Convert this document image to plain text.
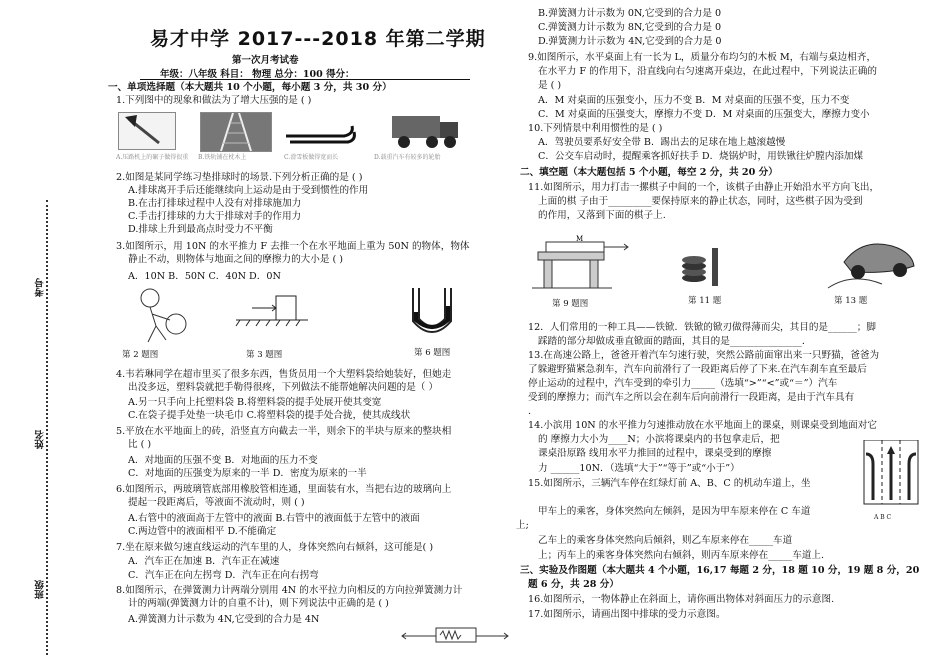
考号
姓名
班级
易才中学 2017---2018 年第二学期
第一次月考试卷
年级：八年级 科目： 物理 总分：100 得分：
一、单项选择题（本大题共 10 个小题，每小题 3 分，共 30 分）
1.下列图中的现象和做法为了增大压强的是 ( )
A.压路机上的碾子做得很重 B.铁轨铺在枕木上	C.滑雪板做得宽而长	D.载重汽车有较多的轮胎
2.如图是某同学练习垫排球时的场景.下列分析正确的是 ( )
A.排球离开手后还能继续向上运动是由于受到惯性的作用
B.在击打排球过程中人没有对排球施加力
C.手击打排球的力大于排球对手的作用力
D.排球上升到最高点时受力不平衡
3.如图所示，用 10N 的水平推力 F 去推一个在水平地面上重为 50N 的物体，物体
静止不动，则物体与地面之间的摩擦力的大小是 ( )
A．10N B．50N C．40N D．0N
第 2 题图	第 3 题图	第 6 题图
4.韦若琳同学在超市里买了很多东西，售货员用一个大塑料袋给她装好，但她走
出没多远，塑料袋就把手勒得很疼，下列做法不能帮她解决问题的是（ ）
A.另一只手向上托塑料袋 B.将塑料袋的提手处展开使其变宽
C.在袋子提手处垫一块毛巾 C.将塑料袋的提手处合拢，使其成线状
5.平放在水平地面上的砖，沿竖直方向截去一半，则余下的半块与原来的整块相
比 ( )
A．对地面的压强不变 B．对地面的压力不变
C．对地面的压强变为原来的一半 D．密度为原来的一半
6.如图所示，两玻璃管底部用橡胶管相连通，里面装有水，当把右边的玻璃向上
提起一段距离后，等液面不流动时，则 ( )
A.右管中的液面高于左管中的液面 B.右管中的液面低于左管中的液面
C.两边管中的液面相平 D.不能确定
7.坐在原来做匀速直线运动的汽车里的人，身体突然向右倾斜，这可能是( )
A．汽车正在加速 B．汽车正在减速
C．汽车正在向左拐弯 D．汽车正在向右拐弯
8.如图所示，在弹簧测力计两端分别用 4N 的水平拉力向相反的方向拉弹簧测力计
计的两端(弹簧测力计的自重不计)，则下列说法中正确的是 ( )
A.弹簧测力计示数为 4N,它受到的合力是 4N
B.弹簧测力计示数为 0N,它受到的合力是 0
C.弹簧测力计示数为 8N,它受到的合力是 0
D.弹簧测力计示数为 4N,它受到的合力是 0
9.如图所示，水平桌面上有一长为 L，质量分布均匀的木板 M，右端与桌边相齐，
在水平力 F 的作用下，沿直线向右匀速离开桌边，在此过程中，下列说法正确的
是 ( )
A．M 对桌面的压强变小，压力不变 B．M 对桌面的压强不变，压力不变
C．M 对桌面的压强变大，摩擦力不变 D．M 对桌面的压强变大，摩擦力变小
10.下列情景中利用惯性的是 ( )
A．驾驶员要系好安全带 B．踢出去的足球在地上越滚越慢
C．公交车启动时，提醒乘客抓好扶手 D．烧锅炉时，用铁锹往炉膛内添加煤
二、填空题（本大题包括 5 个小题，每空 2 分，共 20 分）
11.如图所示，用力打击一摞棋子中间的一个，该棋子由静止开始沿水平方向飞出，
上面的棋 子由于_________要保持原来的静止状态，同时，这些棋子因为受到
的作用，又落到下面的棋子上.
M
第 9 题图	第 11 题	第 13 题
12．人们常用的一种工具——铁锨．铁锨的锨刃做得薄而尖，其目的是______；脚
踩踏的部分却做成垂直锨面的踏面，其目的是_______________．
13.在高速公路上，爸爸开着汽车匀速行驶，突然公路前面窜出来一只野猫，爸爸为
了躲避野猫紧急刹车，汽车向前滑行了一段距离后停了下来.在汽车刹车直至最后
停止运动的过程中，汽车受到的牵引力_____（选填“>”“<”或“＝”）汽车
受到的摩擦力；而汽车之所以会在刹车后向前滑行一段距离，是由于汽车具有
.
14.小滨用 10N 的水平推力匀速推动放在水平地面上的课桌，则课桌受到地面对它
的 摩擦力大小为____N；小滨将课桌内的书包拿走后，把
课桌沿原路 线用水平力推回的过程中，课桌受到的摩擦
力 ______10N．（选填“大于”“等于”或“小于”）
15.如图所示，三辆汽车停在红绿灯前 A、B、C 的机动车道上，坐
甲车上的乘客，身体突然向左倾斜，是因为甲车原来停在 C 车道
上;
乙车上的乘客身体突然向后倾斜，则乙车原来停在_____车道
上；丙车上的乘客身体突然向右倾斜，则丙车原来停在_____车道上.
A B C
三、实验及作图题（本大题共 4 个小题，16,17 每题 2 分，18 题 10 分，19 题 8 分，20
题 6 分，共 28 分）
16.如图所示，一物体静止在斜面上，请你画出物体对斜面压力的示意图.
17.如图所示，请画出图中排球的受力示意图。
